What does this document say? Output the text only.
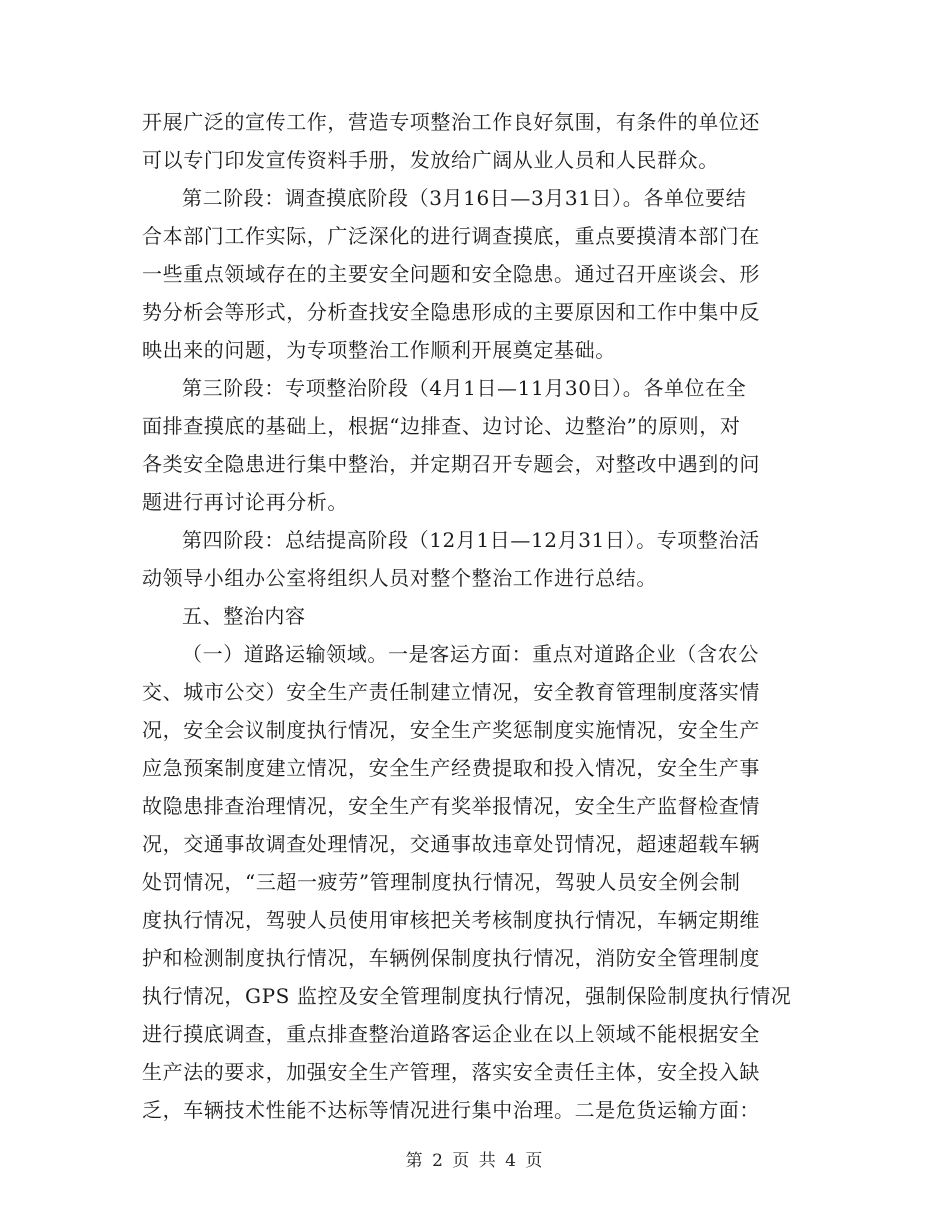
开展广泛的宣传工作，营造专项整治工作良好氛围，有条件的单位还
可以专门印发宣传资料手册，发放给广阔从业人员和人民群众。
第二阶段：调查摸底阶段（3月16日—3月31日）。各单位要结
合本部门工作实际，广泛深化的进行调查摸底，重点要摸清本部门在
一些重点领域存在的主要安全问题和安全隐患。通过召开座谈会、形
势分析会等形式，分析查找安全隐患形成的主要原因和工作中集中反
映出来的问题，为专项整治工作顺利开展奠定基础。
第三阶段：专项整治阶段（4月1日—11月30日）。各单位在全
面排查摸底的基础上，根据“边排查、边讨论、边整治”的原则，对
各类安全隐患进行集中整治，并定期召开专题会，对整改中遇到的问
题进行再讨论再分析。
第四阶段：总结提高阶段（12月1日—12月31日）。专项整治活
动领导小组办公室将组织人员对整个整治工作进行总结。
五、整治内容
（一）道路运输领域。一是客运方面：重点对道路企业（含农公
交、城市公交）安全生产责任制建立情况，安全教育管理制度落实情
况，安全会议制度执行情况，安全生产奖惩制度实施情况，安全生产
应急预案制度建立情况，安全生产经费提取和投入情况，安全生产事
故隐患排查治理情况，安全生产有奖举报情况，安全生产监督检查情
况，交通事故调查处理情况，交通事故违章处罚情况，超速超载车辆
处罚情况，“三超一疲劳”管理制度执行情况，驾驶人员安全例会制
度执行情况，驾驶人员使用审核把关考核制度执行情况，车辆定期维
护和检测制度执行情况，车辆例保制度执行情况，消防安全管理制度
执行情况，GPS 监控及安全管理制度执行情况，强制保险制度执行情况
进行摸底调查，重点排查整治道路客运企业在以上领域不能根据安全
生产法的要求，加强安全生产管理，落实安全责任主体，安全投入缺
乏，车辆技术性能不达标等情况进行集中治理。二是危货运输方面：
第 2 页 共 4 页
